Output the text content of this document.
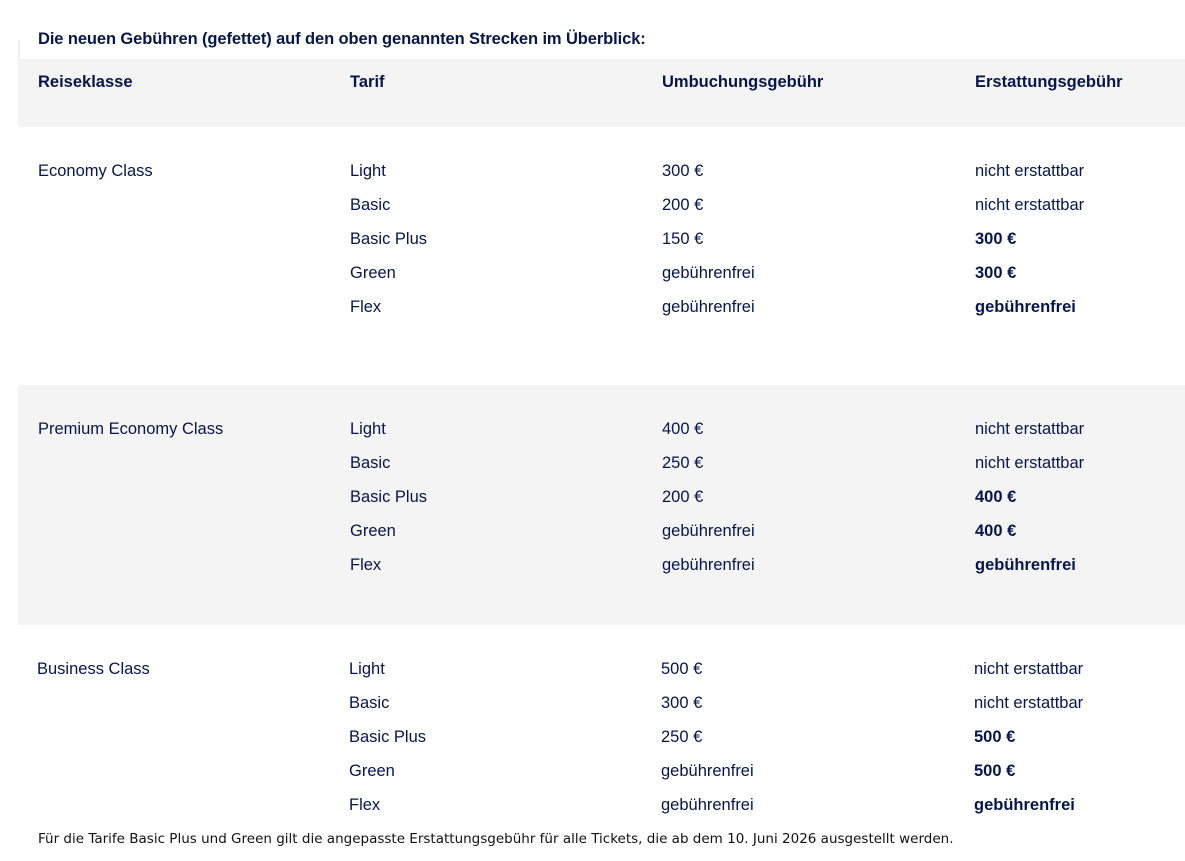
Die neuen Gebühren (gefettet) auf den oben genannten Strecken im Überblick:
Reiseklasse	Tarif	Umbuchungsgebühr	Erstattungsgebühr
Economy Class	Light	300 €	nicht erstattbar
Basic	200 €	nicht erstattbar
Basic Plus	150 €	300 €
Green	gebührenfrei	300 €
Flex	gebührenfrei	gebührenfrei
Premium Economy Class	Light	400 €	nicht erstattbar
Basic	250 €	nicht erstattbar
Basic Plus	200 €	400 €
Green	gebührenfrei	400 €
Flex	gebührenfrei	gebührenfrei
Business Class	Light	500 €	nicht erstattbar
Basic	300 €	nicht erstattbar
Basic Plus	250 €	500 €
Green	gebührenfrei	500 €
Flex	gebührenfrei	gebührenfrei
Für die Tarife Basic Plus und Green gilt die angepasste Erstattungsgebühr für alle Tickets, die ab dem 10. Juni 2026 ausgestellt werden.
